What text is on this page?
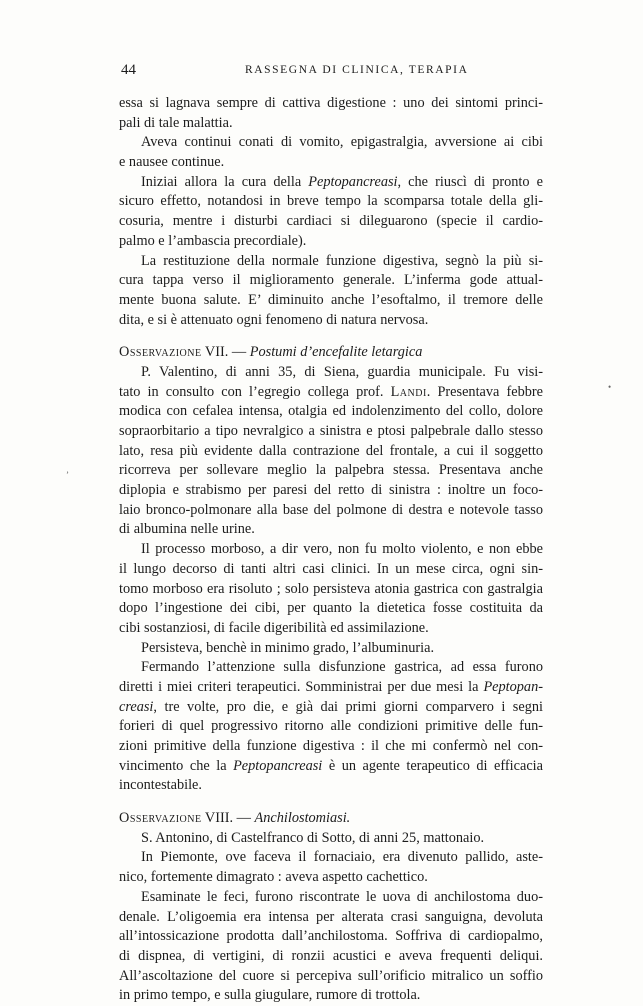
44	RASSEGNA DI CLINICA, TERAPIA
essa si lagnava sempre di cattiva digestione : uno dei sintomi princi-
pali di tale malattia.
Aveva continui conati di vomito, epigastralgia, avversione ai cibi
e nausee continue.
Iniziai allora la cura della Peptopancreasi, che riuscì di pronto e
sicuro effetto, notandosi in breve tempo la scomparsa totale della gli-
cosuria, mentre i disturbi cardiaci si dileguarono (specie il cardio-
palmo e l’ambascia precordiale).
La restituzione della normale funzione digestiva, segnò la più si-
cura tappa verso il miglioramento generale. L’inferma gode attual-
mente buona salute. E’ diminuito anche l’esoftalmo, il tremore delle
dita, e si è attenuato ogni fenomeno di natura nervosa.
Osservazione VII. — Postumi d’encefalite letargica
P. Valentino, di anni 35, di Siena, guardia municipale. Fu visi-
tato in consulto con l’egregio collega prof. Landi. Presentava febbre
modica con cefalea intensa, otalgia ed indolenzimento del collo, dolore
sopraorbitario a tipo nevralgico a sinistra e ptosi palpebrale dallo stesso
lato, resa più evidente dalla contrazione del frontale, a cui il soggetto
ricorreva per sollevare meglio la palpebra stessa. Presentava anche
diplopia e strabismo per paresi del retto di sinistra : inoltre un foco-
laio bronco-polmonare alla base del polmone di destra e notevole tasso
di albumina nelle urine.
Il processo morboso, a dir vero, non fu molto violento, e non ebbe
il lungo decorso di tanti altri casi clinici. In un mese circa, ogni sin-
tomo morboso era risoluto ; solo persisteva atonia gastrica con gastralgia
dopo l’ingestione dei cibi, per quanto la dietetica fosse costituita da
cibi sostanziosi, di facile digeribilità ed assimilazione.
Persisteva, benchè in minimo grado, l’albuminuria.
Fermando l’attenzione sulla disfunzione gastrica, ad essa furono
diretti i miei criteri terapeutici. Somministrai per due mesi la Peptopan-
creasi, tre volte, pro die, e già dai primi giorni comparvero i segni
forieri di quel progressivo ritorno alle condizioni primitive delle fun-
zioni primitive della funzione digestiva : il che mi confermò nel con-
vincimento che la Peptopancreasi è un agente terapeutico di efficacia
incontestabile.
Osservazione VIII. — Anchilostomiasi.
S. Antonino, di Castelfranco di Sotto, di anni 25, mattonaio.
In Piemonte, ove faceva il fornaciaio, era divenuto pallido, aste-
nico, fortemente dimagrato : aveva aspetto cachettico.
Esaminate le feci, furono riscontrate le uova di anchilostoma duo-
denale. L’oligoemia era intensa per alterata crasi sanguigna, devoluta
all’intossicazione prodotta dall’anchilostoma. Soffriva di cardiopalmo,
di dispnea, di vertigini, di ronzii acustici e aveva frequenti deliqui.
All’ascoltazione del cuore si percepiva sull’orificio mitralico un soffio
in primo tempo, e sulla giugulare, rumore di trottola.
•
’
